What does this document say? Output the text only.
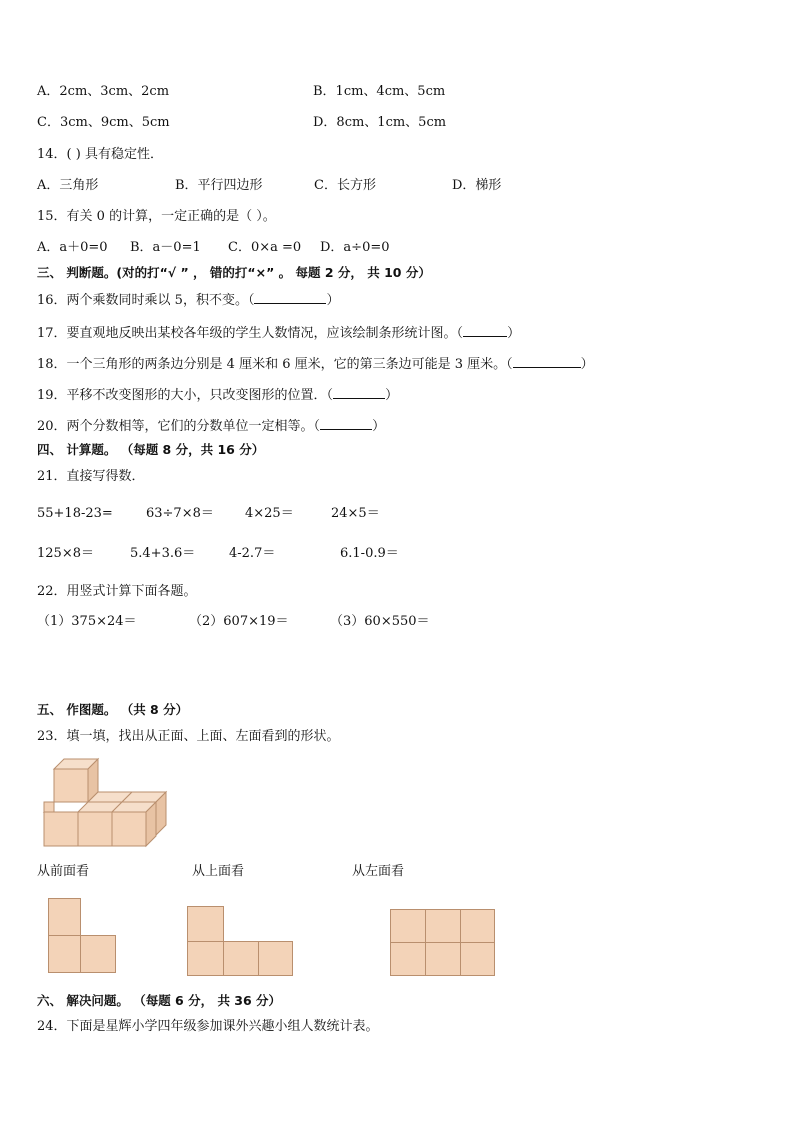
A．2cm、3cm、2cm	B．1cm、4cm、5cm
C．3cm、9cm、5cm	D．8cm、1cm、5cm
14．( ) 具有稳定性．
A．三角形	B．平行四边形	C．长方形	D．梯形
15．有关 0 的计算，一定正确的是（ ）。
A．a＋0=0 B．a－0=1 C．0×a =0 D．a÷0=0
三、 判断题。(对的打“√ ” ， 错的打“×” 。 每题 2 分， 共 10 分）
16．两个乘数同时乘以 5，积不变。（	）
17．要直观地反映出某校各年级的学生人数情况，应该绘制条形统计图。（	）
18．一个三角形的两条边分别是 4 厘米和 6 厘米，它的第三条边可能是 3 厘米。（	）
19．平移不改变图形的大小，只改变图形的位置．（	）
20．两个分数相等，它们的分数单位一定相等。（	）
四、 计算题。 （每题 8 分，共 16 分）
21．直接写得数．
55+18-23=	63÷7×8＝ 4×25＝	24×5＝
125×8＝	5.4+3.6＝	4-2.7＝	6.1-0.9＝
22．用竖式计算下面各题。
（1）375×24＝	（2）607×19＝	（3）60×550＝
五、 作图题。 （共 8 分）
23．填一填，找出从正面、上面、左面看到的形状。
从前面看	从上面看	从左面看
六、 解决问题。 （每题 6 分， 共 36 分）
24．下面是星辉小学四年级参加课外兴趣小组人数统计表。
